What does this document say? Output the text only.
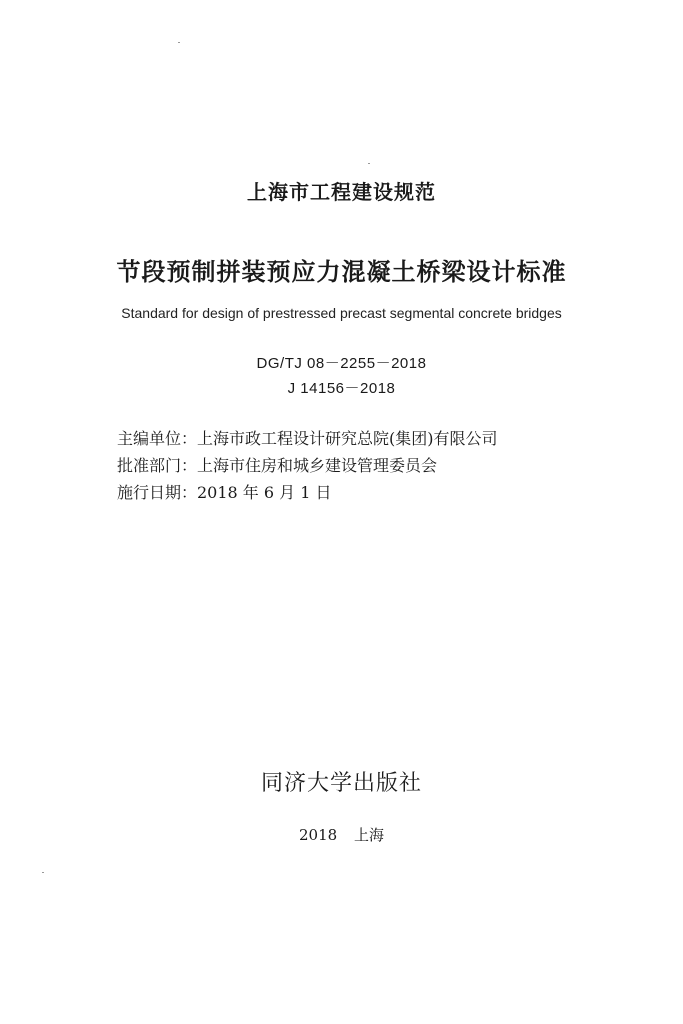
上海市工程建设规范
节段预制拼装预应力混凝土桥梁设计标准
Standard for design of prestressed precast segmental concrete bridges
DG/TJ 08－2255－2018
J 14156－2018
主编单位：上海市政工程设计研究总院(集团)有限公司
批准部门：上海市住房和城乡建设管理委员会
施行日期：2018 年 6 月 1 日
同济大学出版社
2018 上海
